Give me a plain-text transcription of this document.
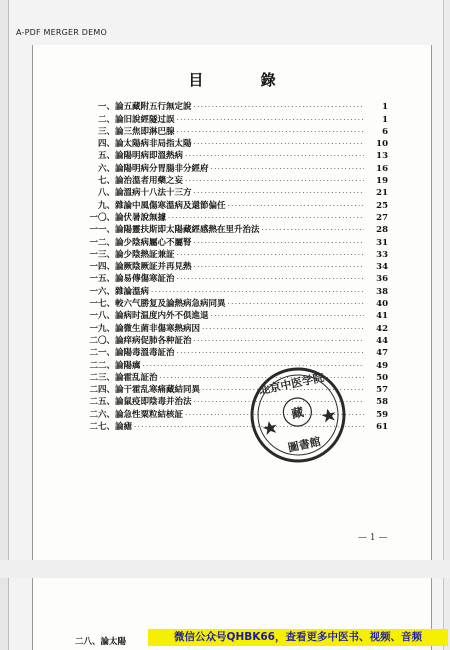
A-PDF MERGER DEMO
目 錄
一、 論五藏附五行無定說 ·····	1
二、 論旧說經隧过誤 ·····	1
三、 論三焦即淋巴腺 ·····	6
四、 論太陽病非局指太陽 ·····	10
五、 論陽明病即溫熱病 ·····	13
六、 論陽明病分胃腸非分經府 ·····	16
七、 論治溫者用藥之妄 ·····	19
八、 論溫病十八法十三方 ·····	21
九、 雜論中風傷寒溫病及還節偏任 ·····	25
一〇、 論伏暑說無據 ·····	27
一一、 論陽靈扶斯即太陽藏經感熱在里升治法 ·····	28
一二、 論少陰病屬心不屬腎 ·····	31
一三、 論少陰熱証兼証 ·····	33
一四、 論厥陰厥証并再見熱 ·····	34
一五、 論易傳傷寒証治 ·····	36
一六、 雜論溫病 ·····	38
一七、 較六气勝复及論熱病急病同異 ·····	40
一八、 論病时温度内外不俱進退 ·····	41
一九、 論微生菌非傷寒熱病因 ·····	42
二〇、 論痒病促肺各种証治 ·····	44
二一、 論陽毒溫毒証治 ·····	47
二二、 論陽癘 ·····	49
二三、 論霍乱証治 ·····	50
二四、 論干霍乱寒痛藏結同異 ·····	57
二五、 論鼠疫即陰毒并治法 ·····	58
二六、 論急性粟粒結核証 ·····	59
二七、 論瘧 ·····	61
藏
北京中医学院
圖書館
— 1 —
二八、論太陽	微信公众号QHBK66，查看更多中医书、视频、音频
